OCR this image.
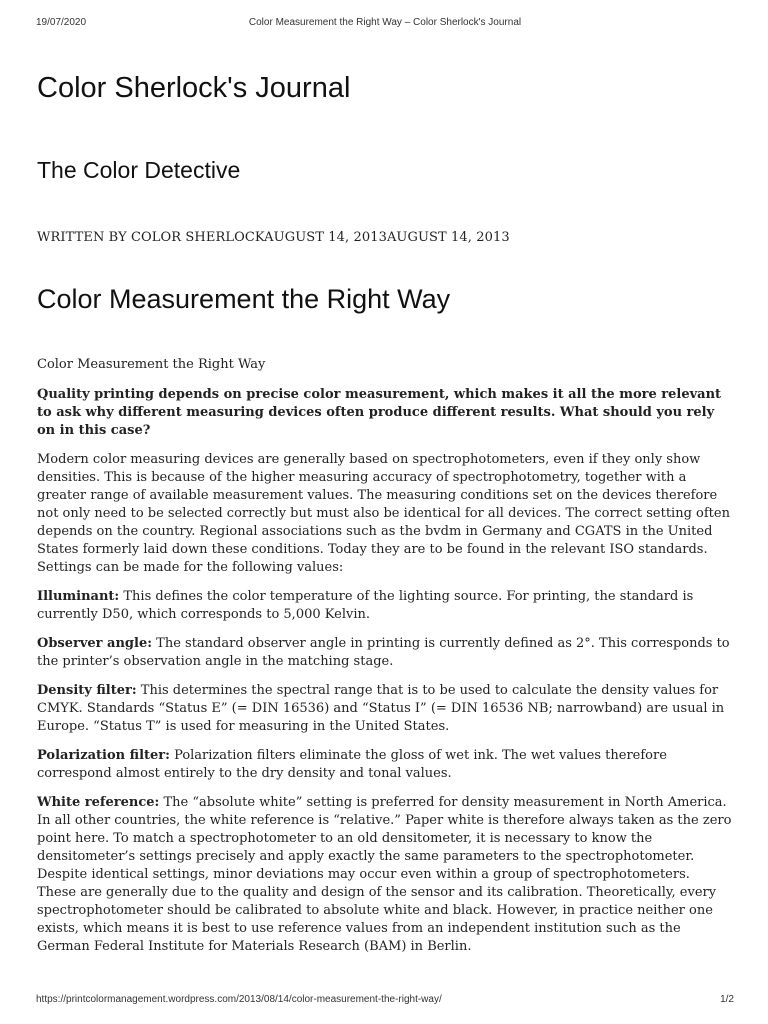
19/07/2020	Color Measurement the Right Way – Color Sherlock's Journal
Color Sherlock's Journal
The Color Detective

WRITTEN BY COLOR SHERLOCKAUGUST 14, 2013AUGUST 14, 2013

Color Measurement the Right Way

Color Measurement the Right Way

Quality printing depends on precise color measurement, which makes it all the more relevant to ask why different measuring devices often produce different results. What should you rely on in this case?

Modern color measuring devices are generally based on spectrophotometers, even if they only show densities. This is because of the higher measuring accuracy of spectrophotometry, together with a greater range of available measurement values. The measuring conditions set on the devices therefore not only need to be selected correctly but must also be identical for all devices. The correct setting often depends on the country. Regional associations such as the bvdm in Germany and CGATS in the United States formerly laid down these conditions. Today they are to be found in the relevant ISO standards. Settings can be made for the following values:

Illuminant: This defines the color temperature of the lighting source. For printing, the standard is currently D50, which corresponds to 5,000 Kelvin.

Observer angle: The standard observer angle in printing is currently defined as 2°. This corresponds to the printer’s observation angle in the matching stage.

Density filter: This determines the spectral range that is to be used to calculate the density values for CMYK. Standards “Status E” (= DIN 16536) and “Status I” (= DIN 16536 NB; narrowband) are usual in Europe. “Status T” is used for measuring in the United States.

Polarization filter: Polarization filters eliminate the gloss of wet ink. The wet values therefore correspond almost entirely to the dry density and tonal values.

White reference: The “absolute white” setting is preferred for density measurement in North America. In all other countries, the white reference is “relative.” Paper white is therefore always taken as the zero point here. To match a spectrophotometer to an old densitometer, it is necessary to know the densitometer’s settings precisely and apply exactly the same parameters to the spectrophotometer. Despite identical settings, minor deviations may occur even within a group of spectrophotometers. These are generally due to the quality and design of the sensor and its calibration. Theoretically, every spectrophotometer should be calibrated to absolute white and black. However, in practice neither one exists, which means it is best to use reference values from an independent institution such as the German Federal Institute for Materials Research (BAM) in Berlin.

https://printcolormanagement.wordpress.com/2013/08/14/color-measurement-the-right-way/	1/2
